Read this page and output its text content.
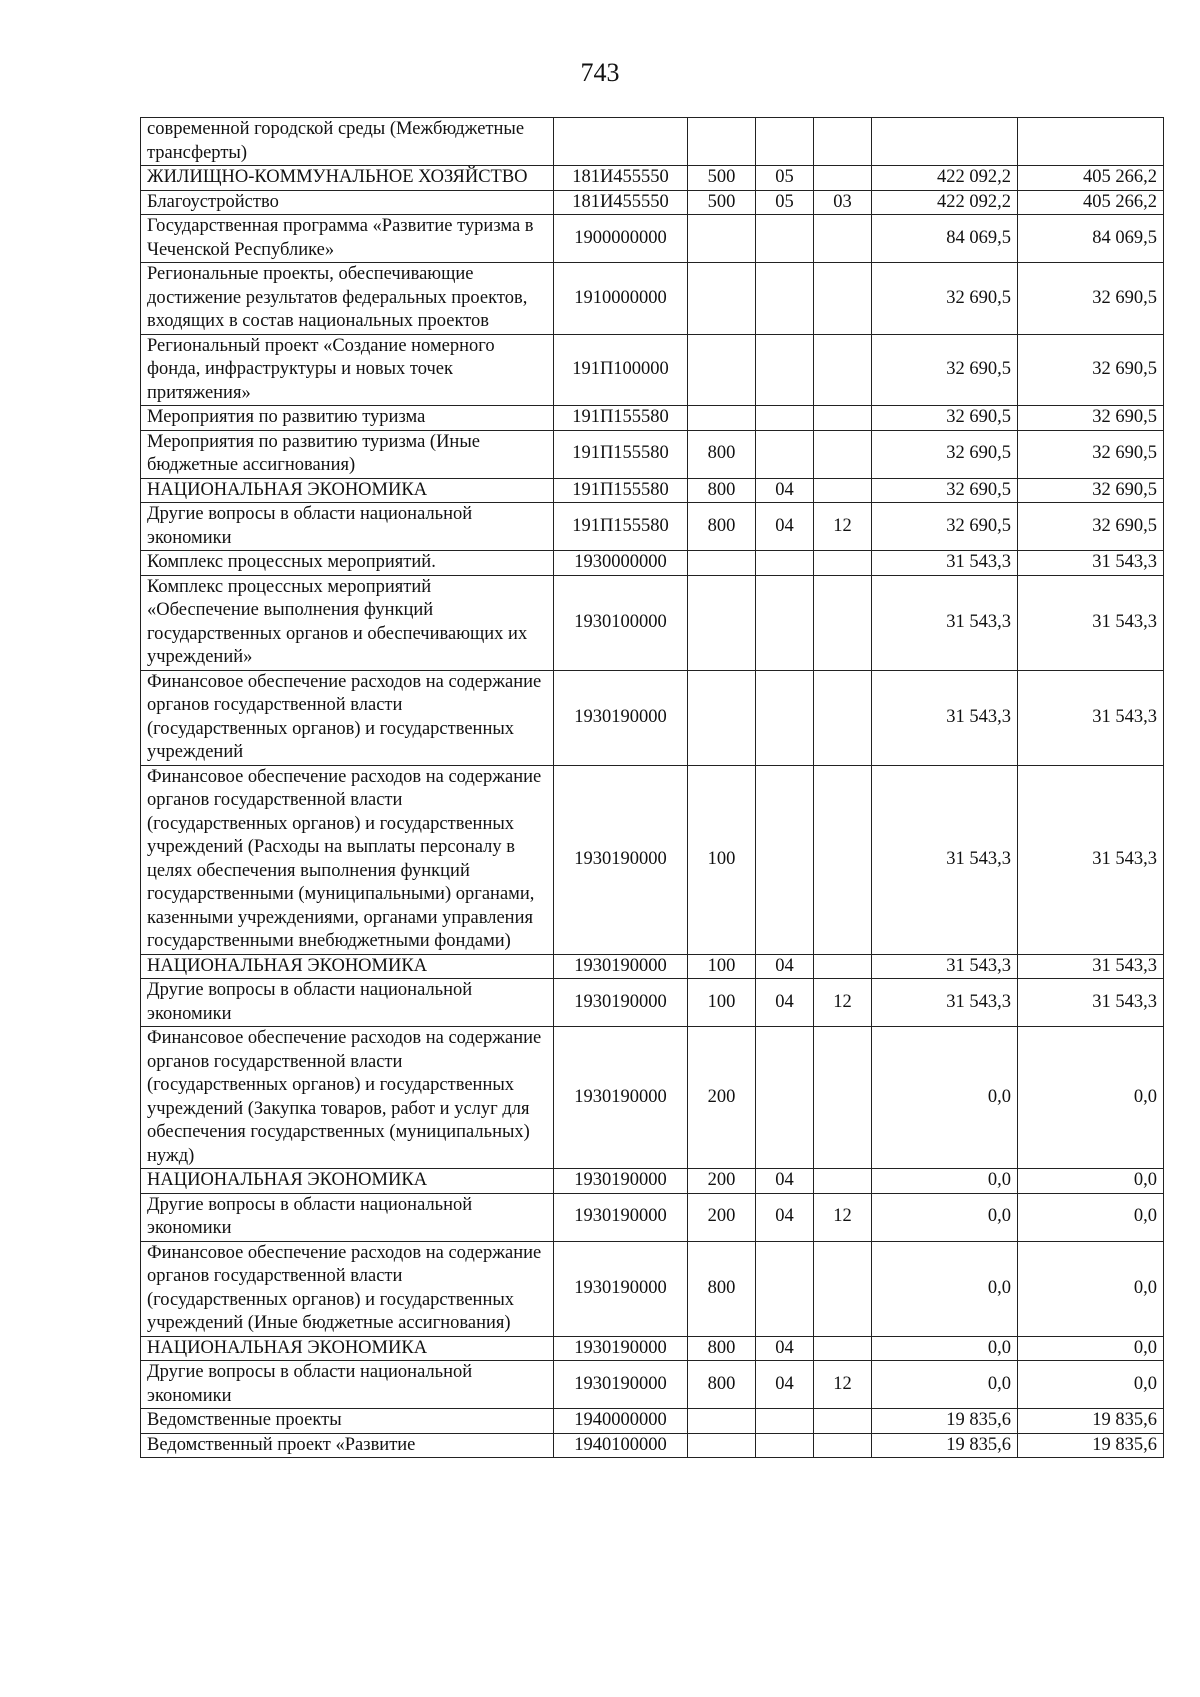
743
современной городской среды (Межбюджетные трансферты)						
ЖИЛИЩНО-КОММУНАЛЬНОЕ ХОЗЯЙСТВО	181И455550	500	05		422 092,2	405 266,2
Благоустройство	181И455550	500	05	03	422 092,2	405 266,2
Государственная программа «Развитие туризма в Чеченской Республике»	1900000000				84 069,5	84 069,5
Региональные проекты, обеспечивающие достижение результатов федеральных проектов, входящих в состав национальных проектов	1910000000				32 690,5	32 690,5
Региональный проект «Создание номерного фонда, инфраструктуры и новых точек притяжения»	191П100000				32 690,5	32 690,5
Мероприятия по развитию туризма	191П155580				32 690,5	32 690,5
Мероприятия по развитию туризма (Иные бюджетные ассигнования)	191П155580	800			32 690,5	32 690,5
НАЦИОНАЛЬНАЯ ЭКОНОМИКА	191П155580	800	04		32 690,5	32 690,5
Другие вопросы в области национальной экономики	191П155580	800	04	12	32 690,5	32 690,5
Комплекс процессных мероприятий.	1930000000				31 543,3	31 543,3
Комплекс процессных мероприятий «Обеспечение выполнения функций государственных органов и обеспечивающих их учреждений»	1930100000				31 543,3	31 543,3
Финансовое обеспечение расходов на содержание органов государственной власти (государственных органов) и государственных учреждений	1930190000				31 543,3	31 543,3
Финансовое обеспечение расходов на содержание органов государственной власти (государственных органов) и государственных учреждений (Расходы на выплаты персоналу в целях обеспечения выполнения функций государственными (муниципальными) органами, казенными учреждениями, органами управления государственными внебюджетными фондами)	1930190000	100			31 543,3	31 543,3
НАЦИОНАЛЬНАЯ ЭКОНОМИКА	1930190000	100	04		31 543,3	31 543,3
Другие вопросы в области национальной экономики	1930190000	100	04	12	31 543,3	31 543,3
Финансовое обеспечение расходов на содержание органов государственной власти (государственных органов) и государственных учреждений (Закупка товаров, работ и услуг для обеспечения государственных (муниципальных) нужд)	1930190000	200			0,0	0,0
НАЦИОНАЛЬНАЯ ЭКОНОМИКА	1930190000	200	04		0,0	0,0
Другие вопросы в области национальной экономики	1930190000	200	04	12	0,0	0,0
Финансовое обеспечение расходов на содержание органов государственной власти (государственных органов) и государственных учреждений (Иные бюджетные ассигнования)	1930190000	800			0,0	0,0
НАЦИОНАЛЬНАЯ ЭКОНОМИКА	1930190000	800	04		0,0	0,0
Другие вопросы в области национальной экономики	1930190000	800	04	12	0,0	0,0
Ведомственные проекты	1940000000				19 835,6	19 835,6
Ведомственный проект «Развитие	1940100000				19 835,6	19 835,6
